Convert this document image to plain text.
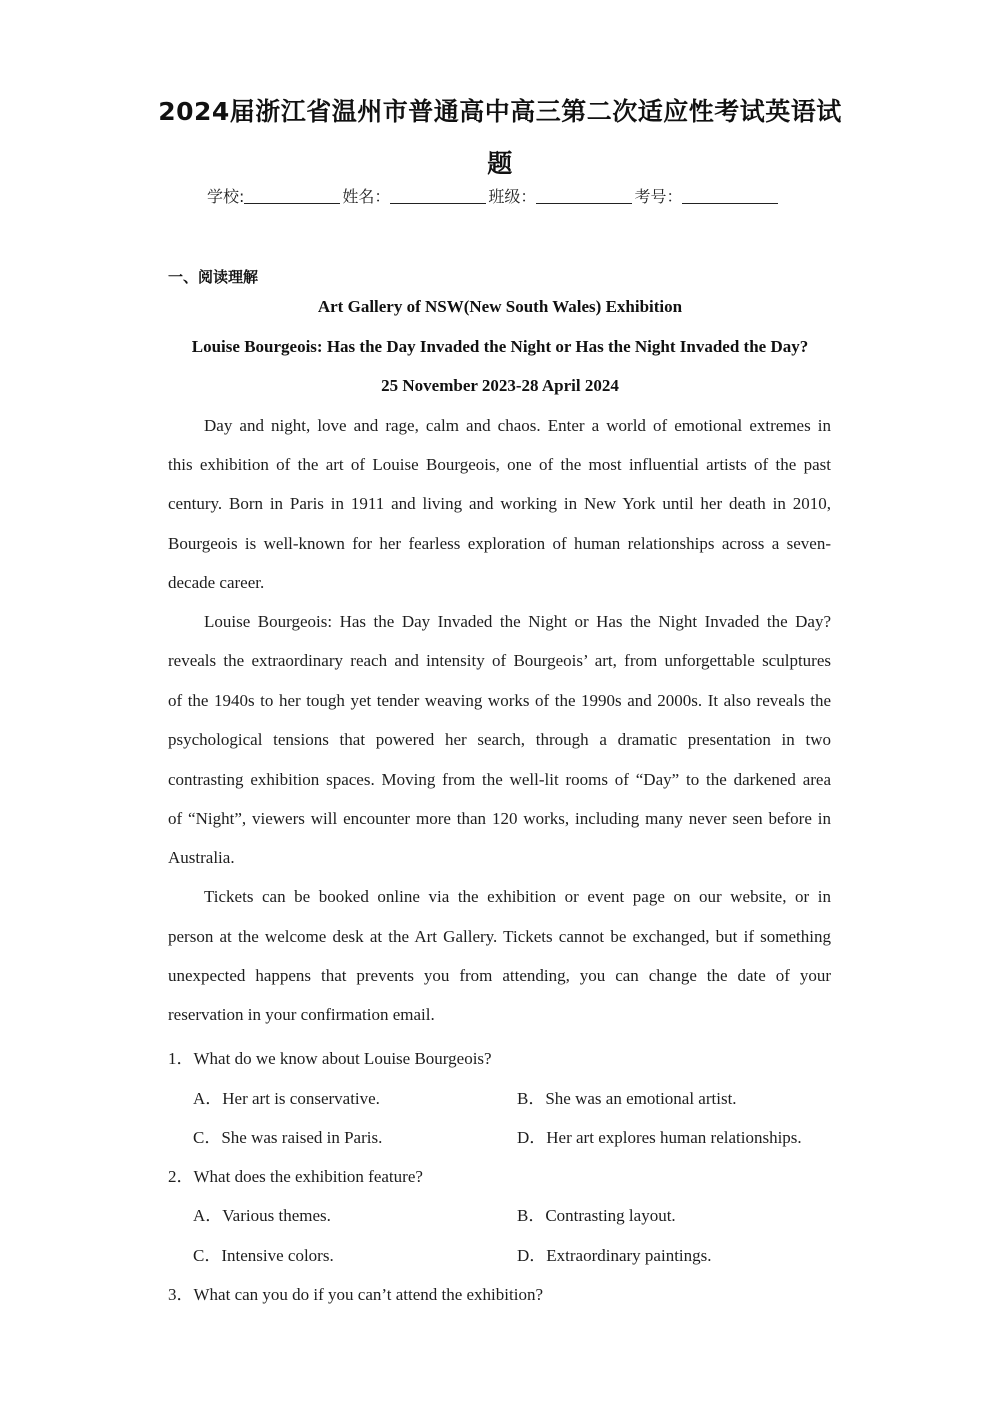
2024届浙江省温州市普通高中高三第二次适应性考试英语试
题
学校:	姓名：	班级：	考号：
一、阅读理解
Art Gallery of NSW(New South Wales) Exhibition
Louise Bourgeois: Has the Day Invaded the Night or Has the Night Invaded the Day?
25 November 2023-28 April 2024
Day and night, love and rage, calm and chaos. Enter a world of emotional extremes in
this exhibition of the art of Louise Bourgeois, one of the most influential artists of the past
century. Born in Paris in 1911 and living and working in New York until her death in 2010,
Bourgeois is well-known for her fearless exploration of human relationships across a seven-
decade career.
Louise Bourgeois: Has the Day Invaded the Night or Has the Night Invaded the Day?
reveals the extraordinary reach and intensity of Bourgeois’ art, from unforgettable sculptures
of the 1940s to her tough yet tender weaving works of the 1990s and 2000s. It also reveals the
psychological tensions that powered her search, through a dramatic presentation in two
contrasting exhibition spaces. Moving from the well-lit rooms of “Day” to the darkened area
of “Night”, viewers will encounter more than 120 works, including many never seen before in
Australia.
Tickets can be booked online via the exhibition or event page on our website, or in
person at the welcome desk at the Art Gallery. Tickets cannot be exchanged, but if something
unexpected happens that prevents you from attending, you can change the date of your
reservation in your confirmation email.
1．What do we know about Louise Bourgeois?
A．Her art is conservative.	B．She was an emotional artist.
C．She was raised in Paris.	D．Her art explores human relationships.
2．What does the exhibition feature?
A．Various themes.	B．Contrasting layout.
C．Intensive colors.	D．Extraordinary paintings.
3．What can you do if you can’t attend the exhibition?
